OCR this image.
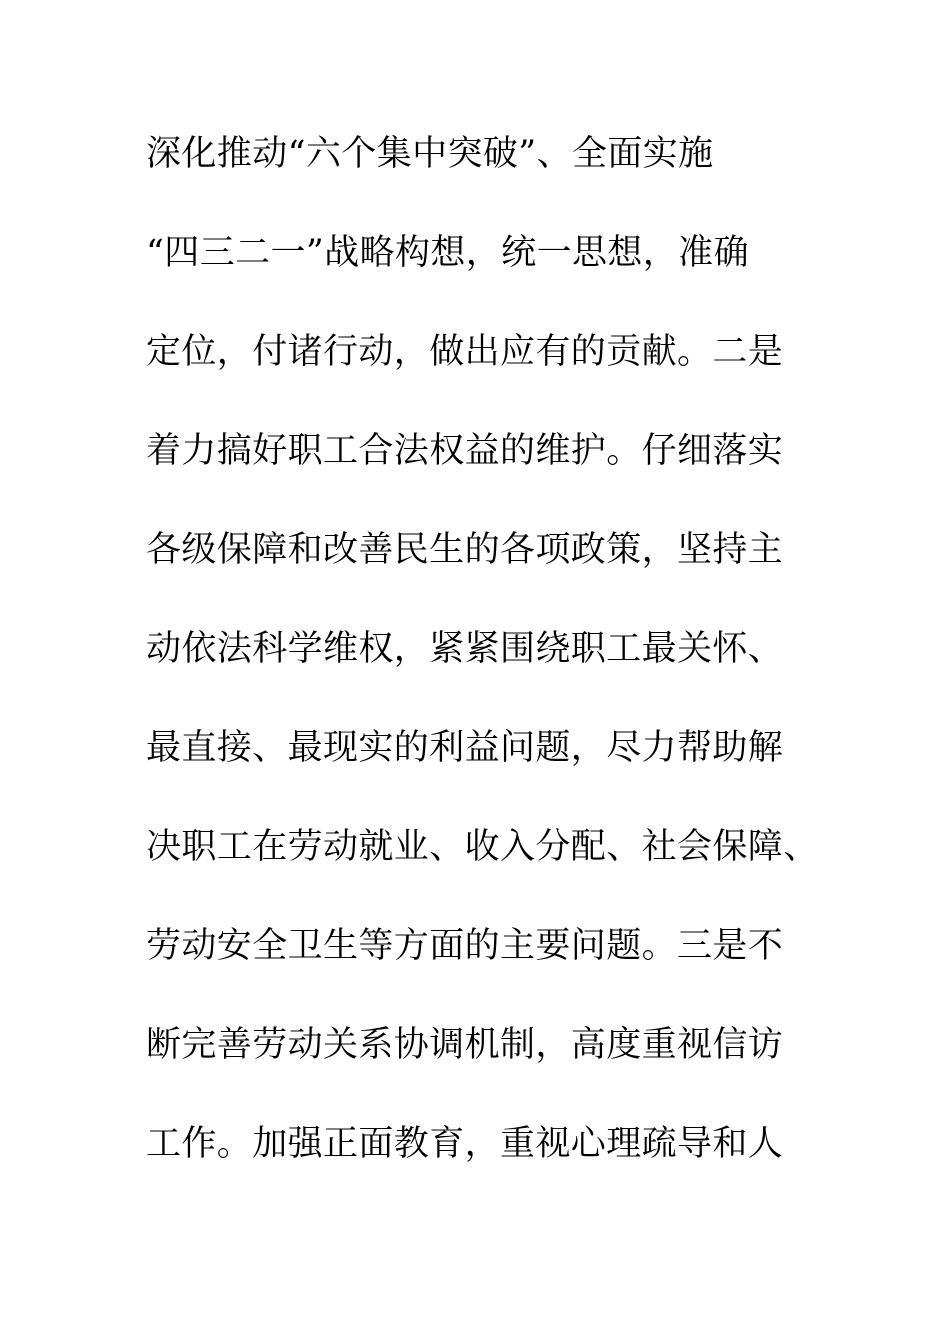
深化推动“六个集中突破”、全面实施
“四三二一”战略构想，统一思想，准确
定位，付诸行动，做出应有的贡献。二是
着力搞好职工合法权益的维护。仔细落实
各级保障和改善民生的各项政策，坚持主
动依法科学维权，紧紧围绕职工最关怀、
最直接、最现实的利益问题，尽力帮助解
决职工在劳动就业、收入分配、社会保障、
劳动安全卫生等方面的主要问题。三是不
断完善劳动关系协调机制，高度重视信访
工作。加强正面教育，重视心理疏导和人
